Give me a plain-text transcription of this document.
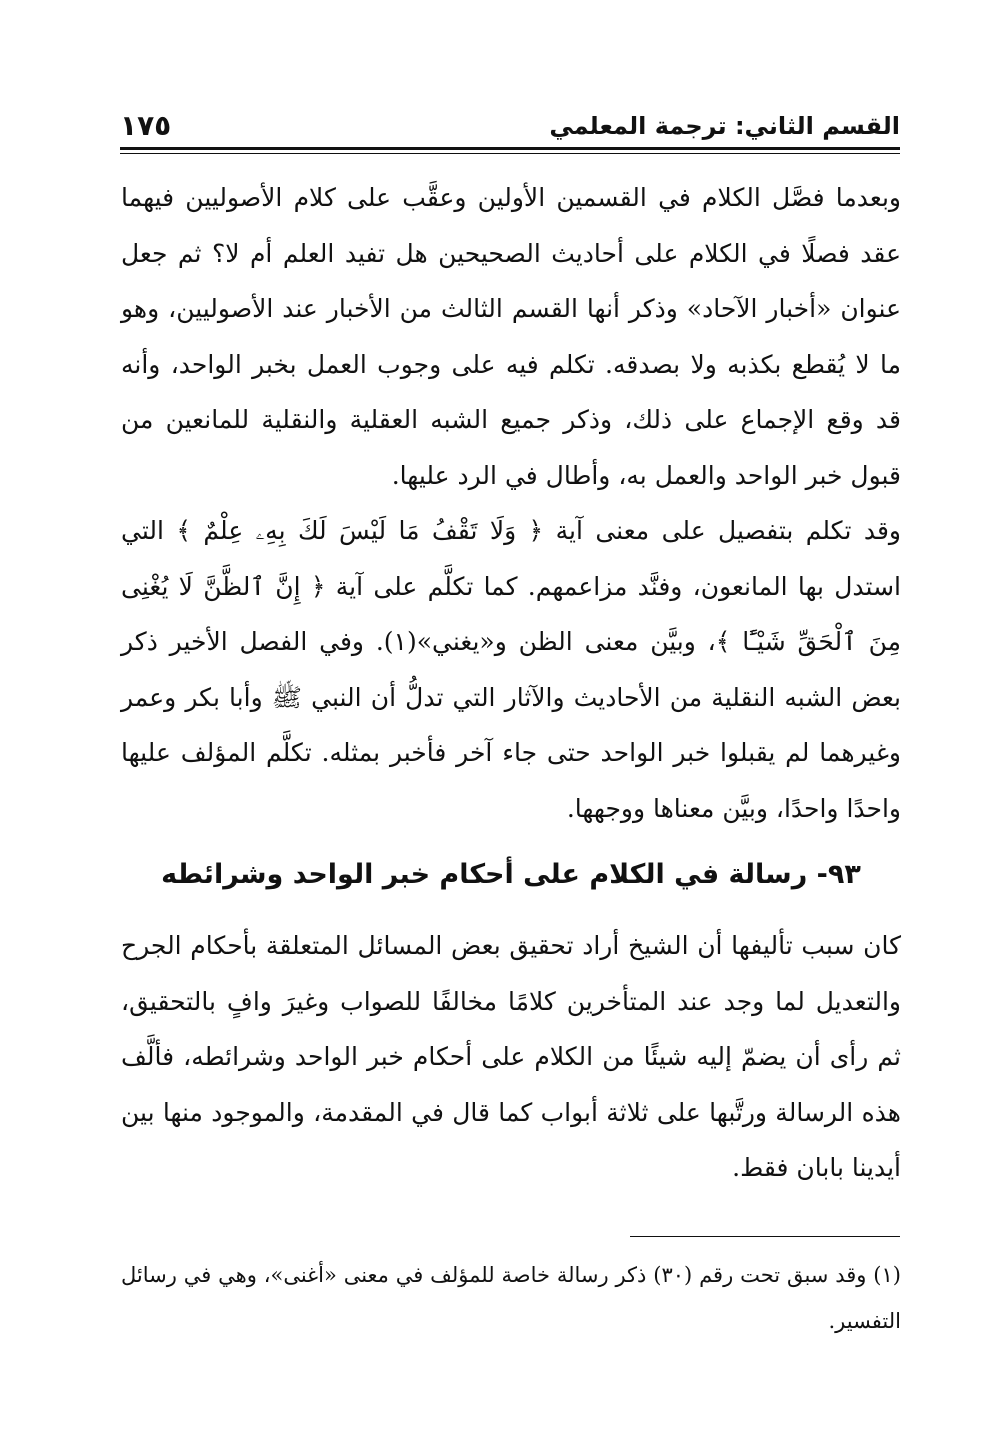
القسم الثاني: ترجمة المعلمي
١٧٥

وبعدما فصَّل الكلام في القسمين الأولين وعقَّب على كلام الأصوليين فيهما عقد فصلًا في الكلام على أحاديث الصحيحين هل تفيد العلم أم لا؟ ثم جعل عنوان «أخبار الآحاد» وذكر أنها القسم الثالث من الأخبار عند الأصوليين، وهو ما لا يُقطع بكذبه ولا بصدقه. تكلم فيه على وجوب العمل بخبر الواحد، وأنه قد وقع الإجماع على ذلك، وذكر جميع الشبه العقلية والنقلية للمانعين من قبول خبر الواحد والعمل به، وأطال في الرد عليها.

وقد تكلم بتفصيل على معنى آية ﴿ وَلَا تَقْفُ مَا لَيْسَ لَكَ بِهِۦ عِلْمٌ ﴾ التي استدل بها المانعون، وفنَّد مزاعمهم. كما تكلَّم على آية ﴿ إِنَّ ٱلظَّنَّ لَا يُغْنِى مِنَ ٱلْحَقِّ شَيْـًٔا ﴾، وبيَّن معنى الظن و«يغني»(١). وفي الفصل الأخير ذكر بعض الشبه النقلية من الأحاديث والآثار التي تدلُّ أن النبي ﷺ وأبا بكر وعمر وغيرهما لم يقبلوا خبر الواحد حتى جاء آخر فأخبر بمثله. تكلَّم المؤلف عليها واحدًا واحدًا، وبيَّن معناها ووجهها.

٩٣- رسالة في الكلام على أحكام خبر الواحد وشرائطه

كان سبب تأليفها أن الشيخ أراد تحقيق بعض المسائل المتعلقة بأحكام الجرح والتعديل لما وجد عند المتأخرين كلامًا مخالفًا للصواب وغيرَ وافٍ بالتحقيق، ثم رأى أن يضمّ إليه شيئًا من الكلام على أحكام خبر الواحد وشرائطه، فألَّف هذه الرسالة ورتَّبها على ثلاثة أبواب كما قال في المقدمة، والموجود منها بين أيدينا بابان فقط.

(١) وقد سبق تحت رقم (٣٠) ذكر رسالة خاصة للمؤلف في معنى «أغنى»، وهي في رسائل التفسير.
